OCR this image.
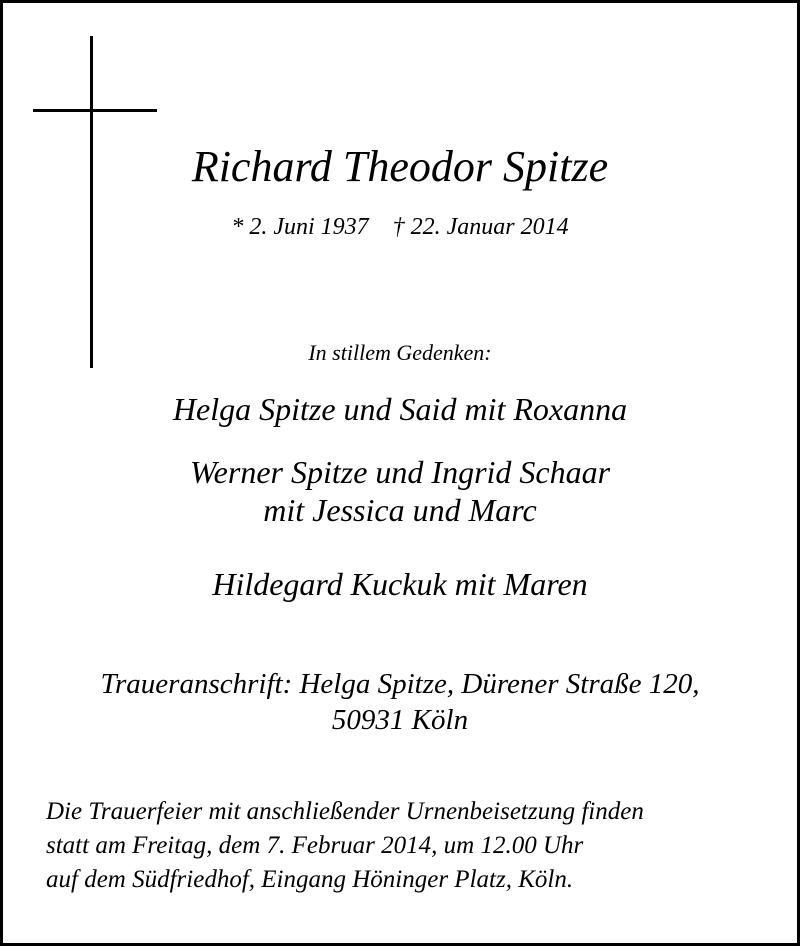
Richard Theodor Spitze
* 2. Juni 1937 † 22. Januar 2014
In stillem Gedenken:
Helga Spitze und Said mit Roxanna
Werner Spitze und Ingrid Schaar
mit Jessica und Marc
Hildegard Kuckuk mit Maren
Traueranschrift: Helga Spitze, Dürener Straße 120,
50931 Köln
Die Trauerfeier mit anschließender Urnenbeisetzung finden
statt am Freitag, dem 7. Februar 2014, um 12.00 Uhr
auf dem Südfriedhof, Eingang Höninger Platz, Köln.
